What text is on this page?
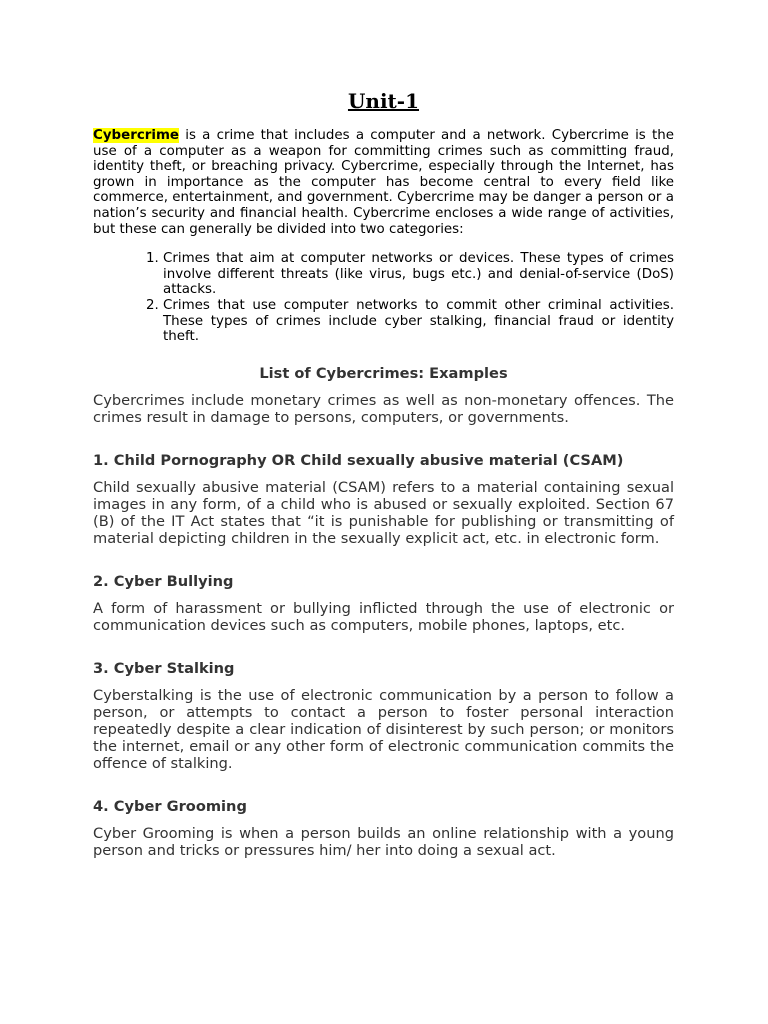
Unit-1

Cybercrime is a crime that includes a computer and a network. Cybercrime is the use of a computer as a weapon for committing crimes such as committing fraud, identity theft, or breaching privacy. Cybercrime, especially through the Internet, has grown in importance as the computer has become central to every field like commerce, entertainment, and government. Cybercrime may be danger a person or a nation’s security and financial health. Cybercrime encloses a wide range of activities, but these can generally be divided into two categories:

1. Crimes that aim at computer networks or devices. These types of crimes involve different threats (like virus, bugs etc.) and denial-of-service (DoS) attacks.
2. Crimes that use computer networks to commit other criminal activities. These types of crimes include cyber stalking, financial fraud or identity theft.
List of Cybercrimes: Examples

Cybercrimes include monetary crimes as well as non-monetary offences. The crimes result in damage to persons, computers, or governments.

1. Child Pornography OR Child sexually abusive material (CSAM)

Child sexually abusive material (CSAM) refers to a material containing sexual images in any form, of a child who is abused or sexually exploited. Section 67 (B) of the IT Act states that “it is punishable for publishing or transmitting of material depicting children in the sexually explicit act, etc. in electronic form.

2. Cyber Bullying

A form of harassment or bullying inflicted through the use of electronic or communication devices such as computers, mobile phones, laptops, etc.

3. Cyber Stalking

Cyberstalking is the use of electronic communication by a person to follow a person, or attempts to contact a person to foster personal interaction repeatedly despite a clear indication of disinterest by such person; or monitors the internet, email or any other form of electronic communication commits the offence of stalking.

4. Cyber Grooming

Cyber Grooming is when a person builds an online relationship with a young person and tricks or pressures him/ her into doing a sexual act.
